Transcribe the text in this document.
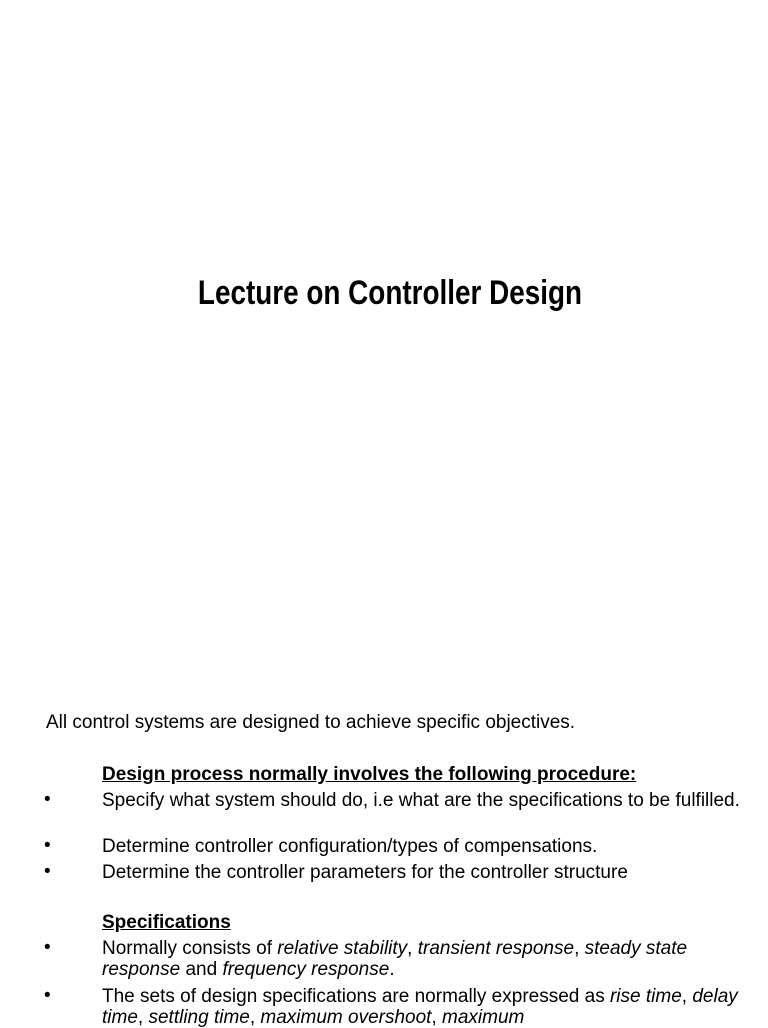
Lecture on Controller Design
All control systems are designed to achieve specific objectives.
Design process normally involves the following procedure:
•	Specify what system should do, i.e what are the specifications to be fulfilled.
•	Determine controller configuration/types of compensations.
•	Determine the controller parameters for the controller structure
Specifications
•	Normally consists of relative stability, transient response, steady state response and frequency response.
•	The sets of design specifications are normally expressed as rise time, delay time, settling time, maximum overshoot, maximum
